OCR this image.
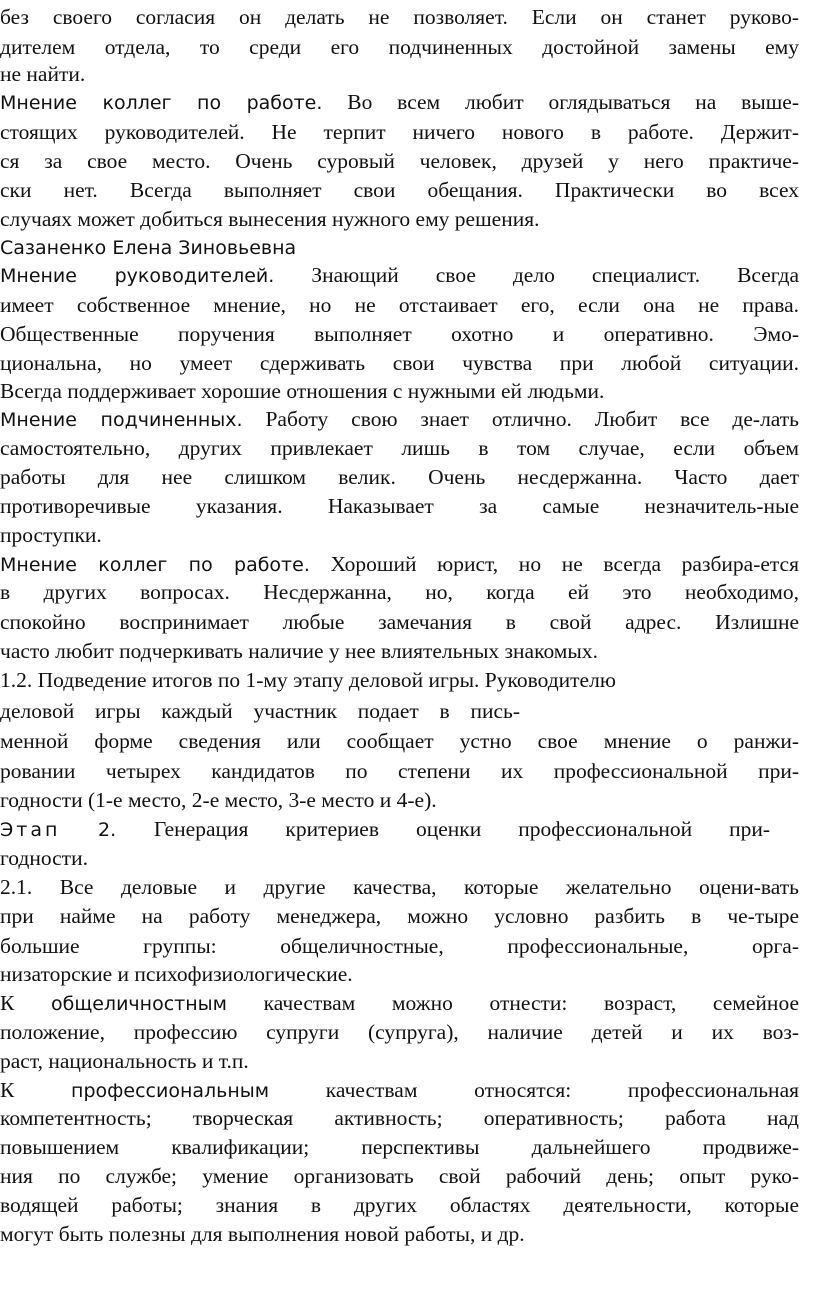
без своего согласия он делать не позволяет. Если он станет руково-
дителем отдела, то среди его подчиненных достойной замены ему
не найти.
Мнение коллег по работе. Во всем любит оглядываться на выше-
стоящих руководителей. Не терпит ничего нового в работе. Держит-
ся за свое место. Очень суровый человек, друзей у него практиче-
ски нет. Всегда выполняет свои обещания. Практически во всех
случаях может добиться вынесения нужного ему решения.
Сазаненко Елена Зиновьевна
Мнение руководителей. Знающий свое дело специалист. Всегда
имеет собственное мнение, но не отстаивает его, если она не права.
Общественные поручения выполняет охотно и оперативно. Эмо-
циональна, но умеет сдерживать свои чувства при любой ситуации.
Всегда поддерживает хорошие отношения с нужными ей людьми.
Мнение подчиненных. Работу свою знает отлично. Любит все де-лать
самостоятельно, других привлекает лишь в том случае, если объем
работы для нее слишком велик. Очень несдержанна. Часто дает
противоречивые указания. Наказывает за самые незначитель-ные
проступки.
Мнение коллег по работе. Хороший юрист, но не всегда разбира-ется
в других вопросах. Несдержанна, но, когда ей это необходимо,
спокойно воспринимает любые замечания в свой адрес. Излишне
часто любит подчеркивать наличие у нее влиятельных знакомых.
1.2. Подведение итогов по 1-му этапу деловой игры. Руководителю
деловой игры каждый участник подает в пись-
менной форме сведения или сообщает устно свое мнение о ранжи-
ровании четырех кандидатов по степени их профессиональной при-
годности (1-е место, 2-е место, 3-е место и 4-е).
Этап 2. Генерация критериев оценки профессиональной при-
годности.
2.1. Все деловые и другие качества, которые желательно оцени-вать
при найме на работу менеджера, можно условно разбить в че-тыре
большие группы: общеличностные, профессиональные, орга-
низаторские и психофизиологические.
К общеличностным качествам можно отнести: возраст, семейное
положение, профессию супруги (супруга), наличие детей и их воз-
раст, национальность и т.п.
К профессиональным качествам относятся: профессиональная
компетентность; творческая активность; оперативность; работа над
повышением квалификации; перспективы дальнейшего продвиже-
ния по службе; умение организовать свой рабочий день; опыт руко-
водящей работы; знания в других областях деятельности, которые
могут быть полезны для выполнения новой работы, и др.
